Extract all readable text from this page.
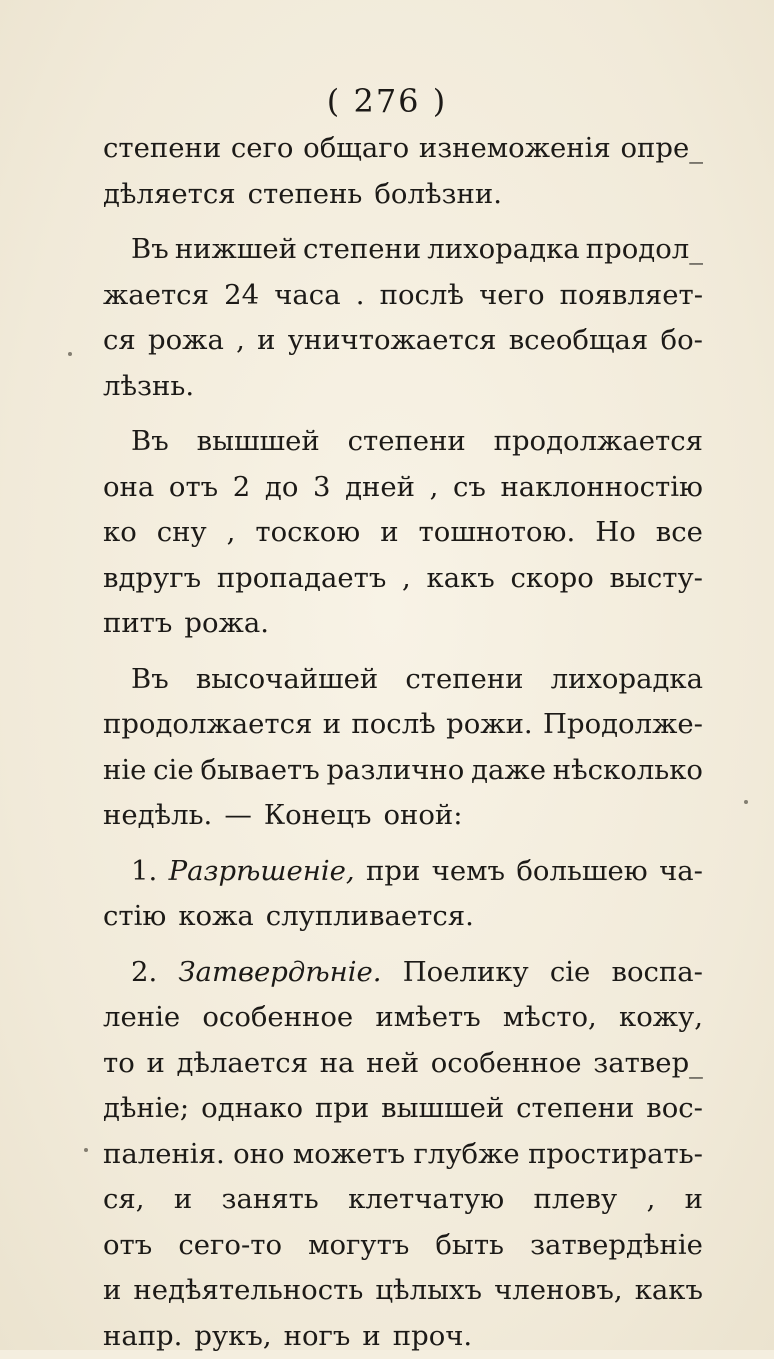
( 276 )
степени сего общаго изнеможенія опре_
дѣляется степень болѣзни.
Въ нижшей степени лихорадка продол_
жается 24 часа . послѣ чего появляет-
ся рожа , и уничтожается всеобщая бо-
лѣзнь.
Въ вышшей степени продолжается
она отъ 2 до 3 дней , съ наклонностію
ко сну , тоскою и тошнотою. Но все
вдругъ пропадаетъ , какъ скоро высту-
питъ рожа.
Въ высочайшей степени лихорадка
продолжается и послѣ рожи. Продолже-
ніе сіе бываетъ различно даже нѣсколько
недѣль. — Конецъ оной:
1. Разрѣшеніе, при чемъ большею ча-
стію кожа слупливается.
2. Затвердѣніе. Поелику сіе воспа-
леніе особенное имѣетъ мѣсто, кожу,
то и дѣлается на ней особенное затвер_
дѣніе; однако при вышшей степени вос-
паленія. оно можетъ глубже простирать-
ся, и занять клетчатую плеву , и
отъ сего-то могутъ быть затвердѣніе
и недѣятельность цѣлыхъ членовъ, какъ
напр. рукъ, ногъ и проч.
